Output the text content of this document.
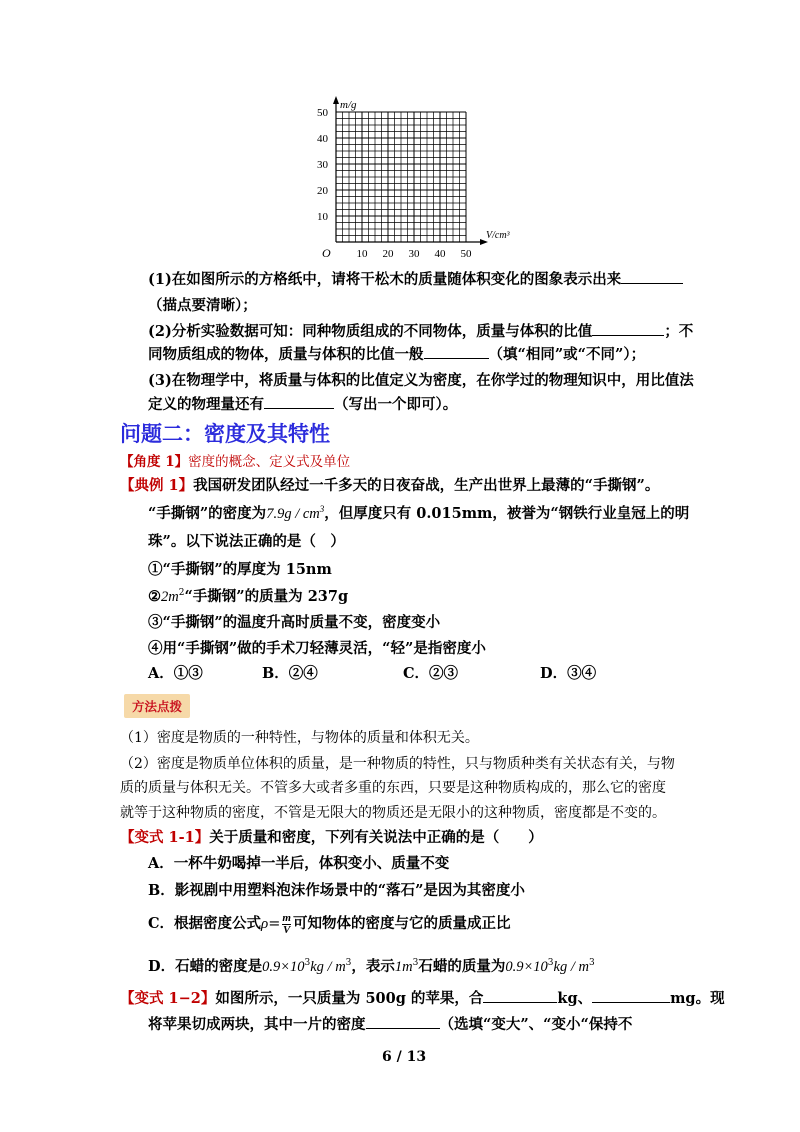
10 20 30 40 50
10
20
30
40
50
O
m/g
V/cm³
(1)在如图所示的方格纸中，请将干松木的质量随体积变化的图象表示出来
（描点要清晰）；
(2)分析实验数据可知：同种物质组成的不同物体，质量与体积的比值	；不
同物质组成的物体，质量与体积的比值一般	（填“相同”或“不同”）；
(3)在物理学中，将质量与体积的比值定义为密度，在你学过的物理知识中，用比值法
定义的物理量还有	（写出一个即可）。
问题二：密度及其特性
【角度 1】密度的概念、定义式及单位
【典例 1】我国研发团队经过一千多天的日夜奋战，生产出世界上最薄的“手撕钢”。
“手撕钢”的密度为$7.9g / cm^3$，但厚度只有 0.015mm，被誉为“钢铁行业皇冠上的明
珠”。以下说法正确的是（　）
①“手撕钢”的厚度为 15nm
$②2m^2“$手撕钢”的质量为 237g
③“手撕钢”的温度升高时质量不变，密度变小
④用“手撕钢”做的手术刀轻薄灵活，“轻”是指密度小
A．①③	B．②④	C．②③	D．③④
方法点拨
（1）密度是物质的一种特性，与物体的质量和体积无关。
（2）密度是物质单位体积的质量，是一种物质的特性，只与物质种类有关状态有关，与物
质的质量与体积无关。不管多大或者多重的东西，只要是这种物质构成的，那么它的密度
就等于这种物质的密度，不管是无限大的物质还是无限小的这种物质，密度都是不变的。
【变式 1-1】关于质量和密度，下列有关说法中正确的是（　　）
A．一杯牛奶喝掉一半后，体积变小、质量不变
B．影视剧中用塑料泡沫作场景中的“落石”是因为其密度小
C．根据密度公式$\rho= \frac{m}{V}$ 可知物体的密度与它的质量成正比
D．石蜡的密度是$0.9\times 10^3kg / m^3$，表示$1m^3$石蜡的质量为$0.9\times 10^3kg / m^3$
【变式 1−2】如图所示，一只质量为 500g 的苹果，合	kg、	mg。现
将苹果切成两块，其中一片的密度	（选填“变大”、“变小“保持不
6 / 13
